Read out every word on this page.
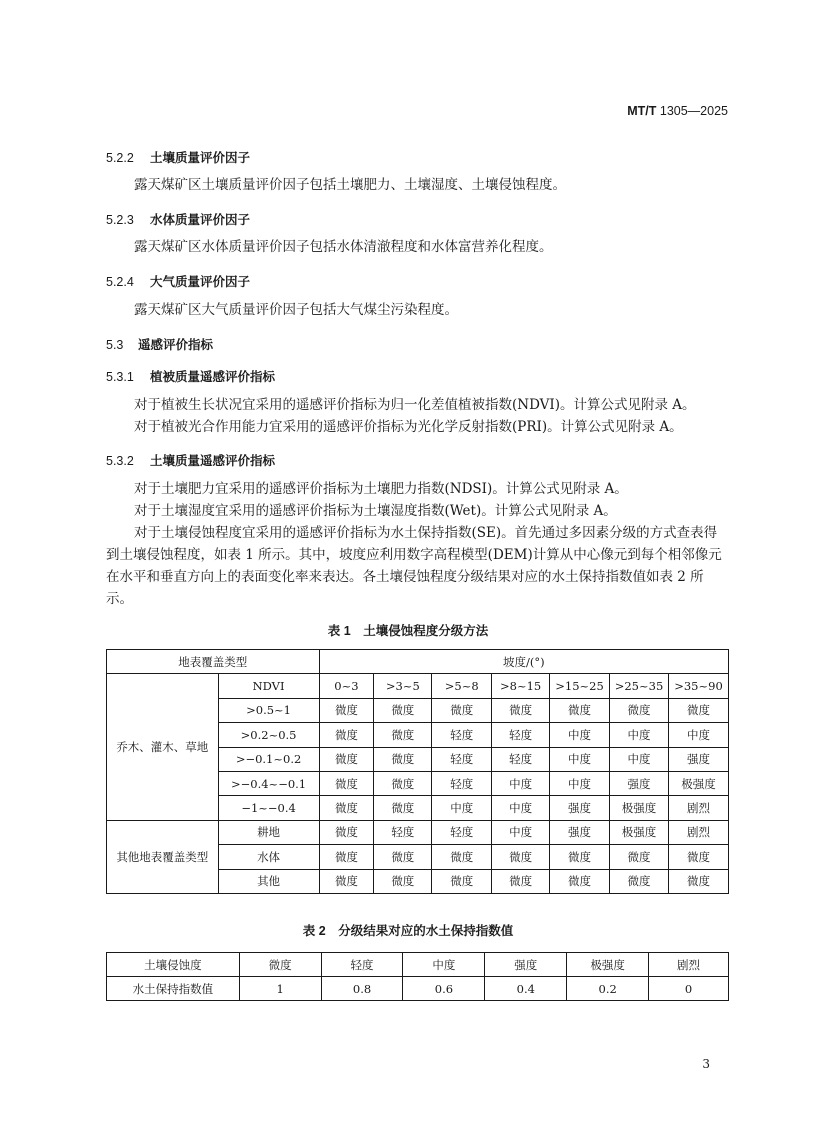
MT/T 1305—2025
5.2.2 土壤质量评价因子

露天煤矿区土壤质量评价因子包括土壤肥力、土壤湿度、土壤侵蚀程度。

5.2.3 水体质量评价因子

露天煤矿区水体质量评价因子包括水体清澈程度和水体富营养化程度。

5.2.4 大气质量评价因子

露天煤矿区大气质量评价因子包括大气煤尘污染程度。

5.3 遥感评价指标
5.3.1 植被质量遥感评价指标

对于植被生长状况宜采用的遥感评价指标为归一化差值植被指数(NDVI)。计算公式见附录 A。

对于植被光合作用能力宜采用的遥感评价指标为光化学反射指数(PRI)。计算公式见附录 A。

5.3.2 土壤质量遥感评价指标

对于土壤肥力宜采用的遥感评价指标为土壤肥力指数(NDSI)。计算公式见附录 A。

对于土壤湿度宜采用的遥感评价指标为土壤湿度指数(Wet)。计算公式见附录 A。

对于土壤侵蚀程度宜采用的遥感评价指标为水土保持指数(SE)。首先通过多因素分级的方式查表得到土壤侵蚀程度，如表 1 所示。其中，坡度应利用数字高程模型(DEM)计算从中心像元到每个相邻像元在水平和垂直方向上的表面变化率来表达。各土壤侵蚀程度分级结果对应的水土保持指数值如表 2 所示。

表 1　土壤侵蚀程度分级方法
地表覆盖类型		坡度/(°)						
乔木、灌木、草地	NDVI	0~3	>3~5	>5~8	>8~15	>15~25	>25~35	>35~90
	>0.5~1	微度	微度	微度	微度	微度	微度	微度
	>0.2~0.5	微度	微度	轻度	轻度	中度	中度	中度
	>−0.1~0.2	微度	微度	轻度	轻度	中度	中度	强度
	>−0.4~−0.1	微度	微度	轻度	中度	中度	强度	极强度
	−1~−0.4	微度	微度	中度	中度	强度	极强度	剧烈
其他地表覆盖类型	耕地	微度	轻度	轻度	中度	强度	极强度	剧烈
	水体	微度	微度	微度	微度	微度	微度	微度
	其他	微度	微度	微度	微度	微度	微度	微度
表 2　分级结果对应的水土保持指数值
土壤侵蚀度	微度	轻度	中度	强度	极强度	剧烈
水土保持指数值	1	0.8	0.6	0.4	0.2	0
3
